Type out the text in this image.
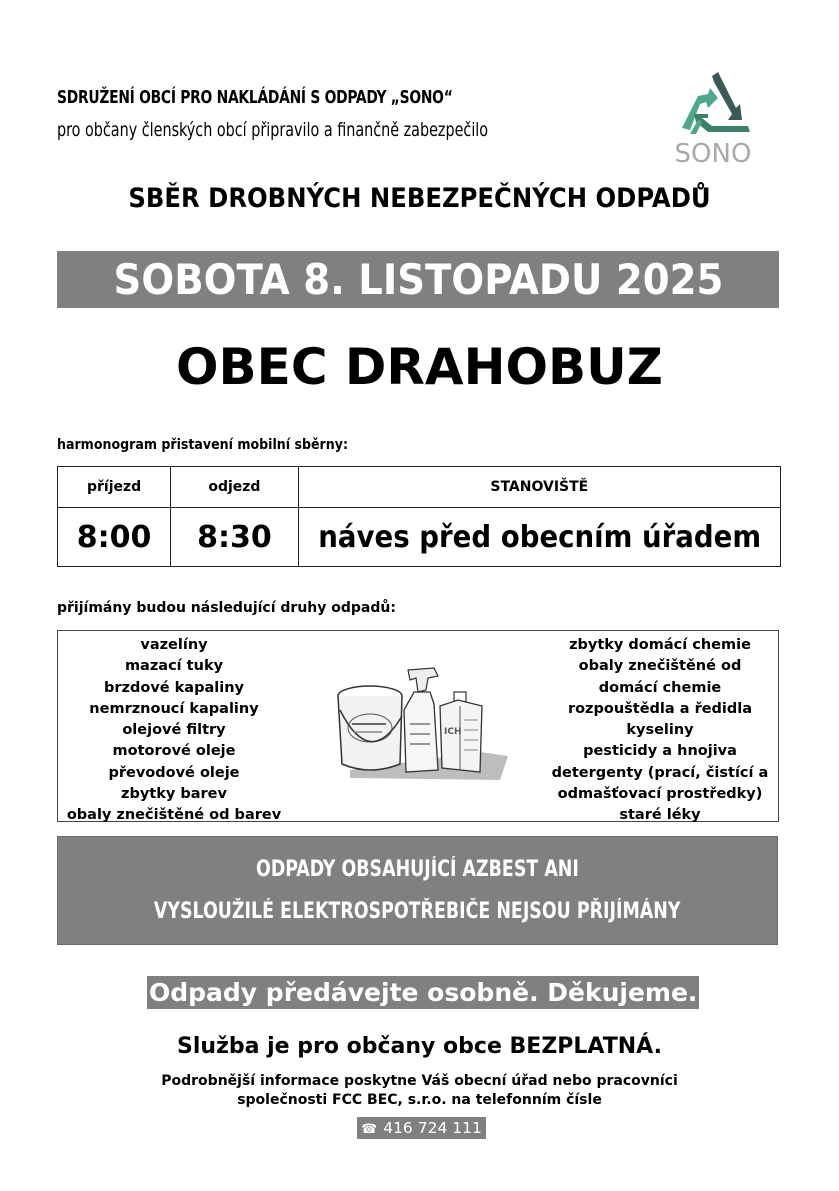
SDRUŽENÍ OBCÍ PRO NAKLÁDÁNÍ S ODPADY „SONO“
pro občany členských obcí připravilo a finančně zabezpečilo
SONO
SBĚR DROBNÝCH NEBEZPEČNÝCH ODPADŮ
SOBOTA 8. LISTOPADU 2025
OBEC DRAHOBUZ
harmonogram přistavení mobilní sběrny:
příjezd	odjezd	STANOVIŠTĚ
8:00	8:30	náves před obecním úřadem
přijímány budou následující druhy odpadů:
vazelíny
mazací tuky
brzdové kapaliny
nemrznoucí kapaliny
olejové filtry
motorové oleje
převodové oleje
zbytky barev
obaly znečištěné od barev
zbytky domácí chemie
obaly znečištěné od
domácí chemie
rozpouštědla a ředidla
kyseliny
pesticidy a hnojiva
detergenty (prací, čistící a
odmašťovací prostředky)
staré léky
ICH
ODPADY OBSAHUJÍCÍ AZBEST ANI
VYSLOUŽILÉ ELEKTROSPOTŘEBIČE NEJSOU PŘIJÍMÁNY
Odpady předávejte osobně. Děkujeme.
Služba je pro občany obce BEZPLATNÁ.
Podrobnější informace poskytne Váš obecní úřad nebo pracovníci
společnosti FCC BEC, s.r.o. na telefonním čísle
☎ 416 724 111
